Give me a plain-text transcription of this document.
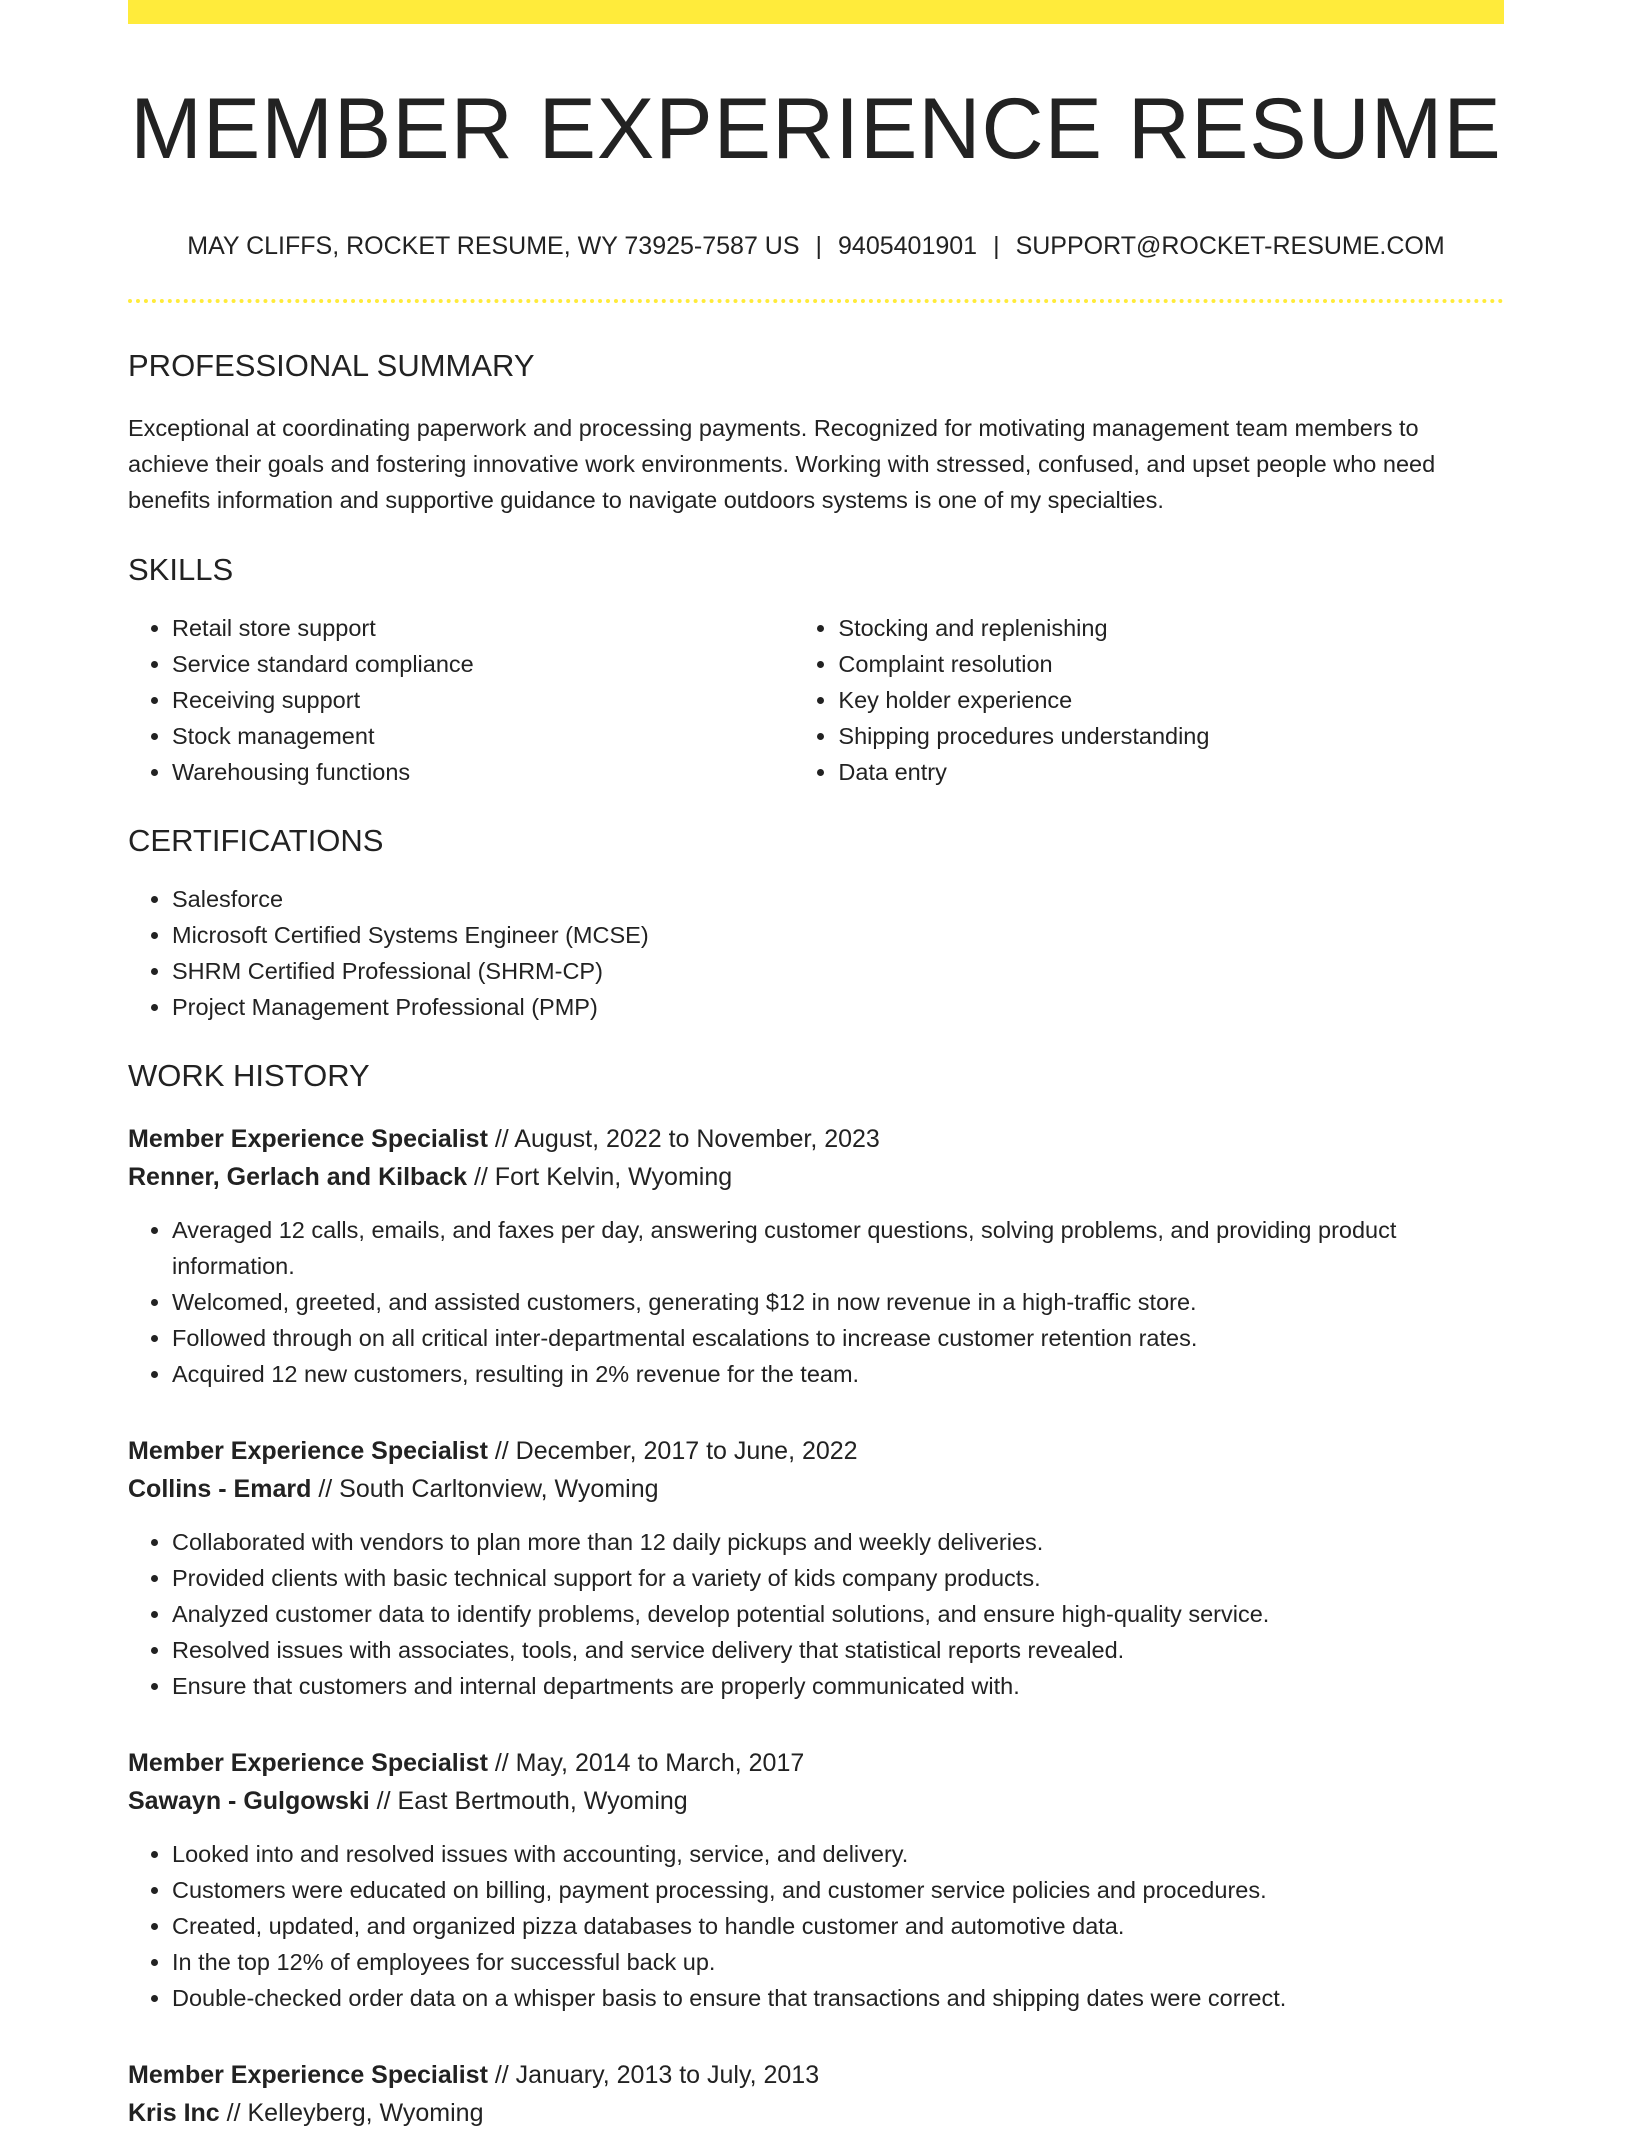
MEMBER EXPERIENCE RESUME
MAY CLIFFS, ROCKET RESUME, WY 73925-7587 US | 9405401901 | SUPPORT@ROCKET-RESUME.COM
PROFESSIONAL SUMMARY

Exceptional at coordinating paperwork and processing payments. Recognized for motivating management team members to achieve their goals and fostering innovative work environments. Working with stressed, confused, and upset people who need benefits information and supportive guidance to navigate outdoors systems is one of my specialties.

SKILLS
• Retail store support
• Service standard compliance
• Receiving support
• Stock management
• Warehousing functions
• Stocking and replenishing
• Complaint resolution
• Key holder experience
• Shipping procedures understanding
• Data entry
CERTIFICATIONS
• Salesforce
• Microsoft Certified Systems Engineer (MCSE)
• SHRM Certified Professional (SHRM-CP)
• Project Management Professional (PMP)
WORK HISTORY

Member Experience Specialist // August, 2022 to November, 2023

Renner, Gerlach and Kilback // Fort Kelvin, Wyoming

• Averaged 12 calls, emails, and faxes per day, answering customer questions, solving problems, and providing product information.
• Welcomed, greeted, and assisted customers, generating $12 in now revenue in a high-traffic store.
• Followed through on all critical inter-departmental escalations to increase customer retention rates.
• Acquired 12 new customers, resulting in 2% revenue for the team.

Member Experience Specialist // December, 2017 to June, 2022

Collins - Emard // South Carltonview, Wyoming

• Collaborated with vendors to plan more than 12 daily pickups and weekly deliveries.
• Provided clients with basic technical support for a variety of kids company products.
• Analyzed customer data to identify problems, develop potential solutions, and ensure high-quality service.
• Resolved issues with associates, tools, and service delivery that statistical reports revealed.
• Ensure that customers and internal departments are properly communicated with.

Member Experience Specialist // May, 2014 to March, 2017

Sawayn - Gulgowski // East Bertmouth, Wyoming

• Looked into and resolved issues with accounting, service, and delivery.
• Customers were educated on billing, payment processing, and customer service policies and procedures.
• Created, updated, and organized pizza databases to handle customer and automotive data.
• In the top 12% of employees for successful back up.
• Double-checked order data on a whisper basis to ensure that transactions and shipping dates were correct.

Member Experience Specialist // January, 2013 to July, 2013

Kris Inc // Kelleyberg, Wyoming
